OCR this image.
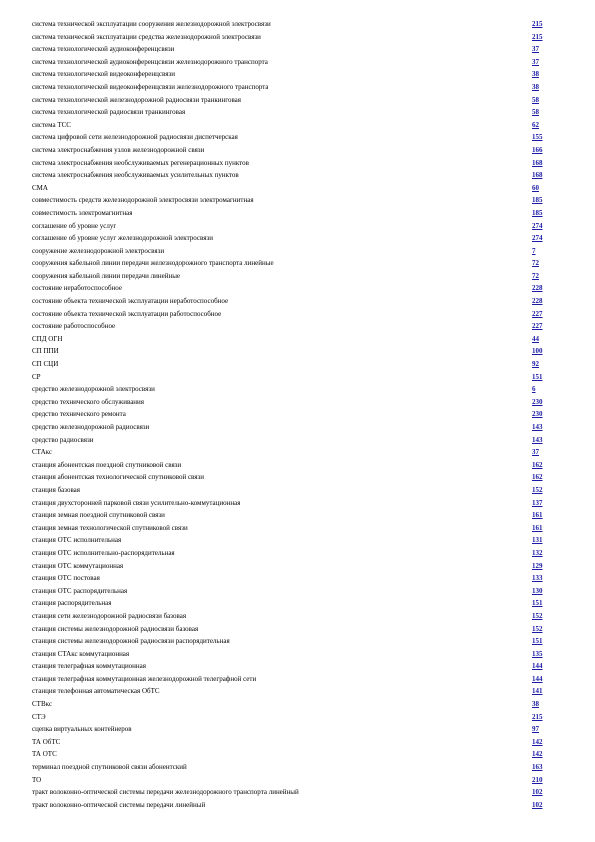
система технической эксплуатации сооружения железнодорожной электросвязи	215
система технической эксплуатации средства железнодорожной электросвязи	215
система технологической аудиоконференцсвязи	37
система технологической аудиоконференцсвязи железнодорожного транспорта	37
система технологической видеоконференцсвязи	38
система технологической видеоконференцсвязи железнодорожного транспорта	38
система технологической железнодорожной радиосвязи транкинговая	58
система технологической радиосвязи транкинговая	58
система ТСС	62
система цифровой сети железнодорожной радиосвязи диспетчерская	155
система электроснабжения узлов железнодорожной связи	166
система электроснабжения необслуживаемых регенерационных пунктов	168
система электроснабжения необслуживаемых усилительных пунктов	168
СМА	60
совместимость средств железнодорожной электросвязи электромагнитная	185
совместимость электромагнитная	185
соглашение об уровне услуг	274
соглашение об уровне услуг железнодорожной электросвязи	274
сооружение железнодорожной электросвязи	7
сооружения кабельной линии передачи железнодорожного транспорта линейные	72
сооружения кабельной линии передачи линейные	72
состояние неработоспособное	228
состояние объекта технической эксплуатации неработоспособное	228
состояние объекта технической эксплуатации работоспособное	227
состояние работоспособное	227
СПД ОГН	44
СП ППИ	100
СП СЦИ	92
СР	151
средство железнодорожной электросвязи	6
средство технического обслуживания	230
средство технического ремонта	230
средство железнодорожной радиосвязи	143
средство радиосвязи	143
СТАкс	37
станция абонентская поездной спутниковой связи	162
станция абонентская технологической спутниковой связи	162
станция базовая	152
станция двухсторонней парковой связи усилительно-коммутационная	137
станция земная поездной спутниковой связи	161
станция земная технологической спутниковой связи	161
станция ОТС исполнительная	131
станция ОТС исполнительно-распорядительная	132
станция ОТС коммутационная	129
станция ОТС постовая	133
станция ОТС распорядительная	130
станция распорядительная	151
станция сети железнодорожной радиосвязи базовая	152
станция системы железнодорожной радиосвязи базовая	152
станция системы железнодорожной радиосвязи распорядительная	151
станция СТАкс коммутационная	135
станция телеграфная коммутационная	144
станция телеграфная коммутационная железнодорожной телеграфной сети	144
станция телефонная автоматическая ОбТС	141
СТВкс	38
СТЭ	215
сцепка виртуальных контейнеров	97
ТА ОбТС	142
ТА ОТС	142
терминал поездной спутниковой связи абонентский	163
ТО	210
тракт волоконно-оптической системы передачи железнодорожного транспорта линейный	102
тракт волоконно-оптической системы передачи линейный	102
